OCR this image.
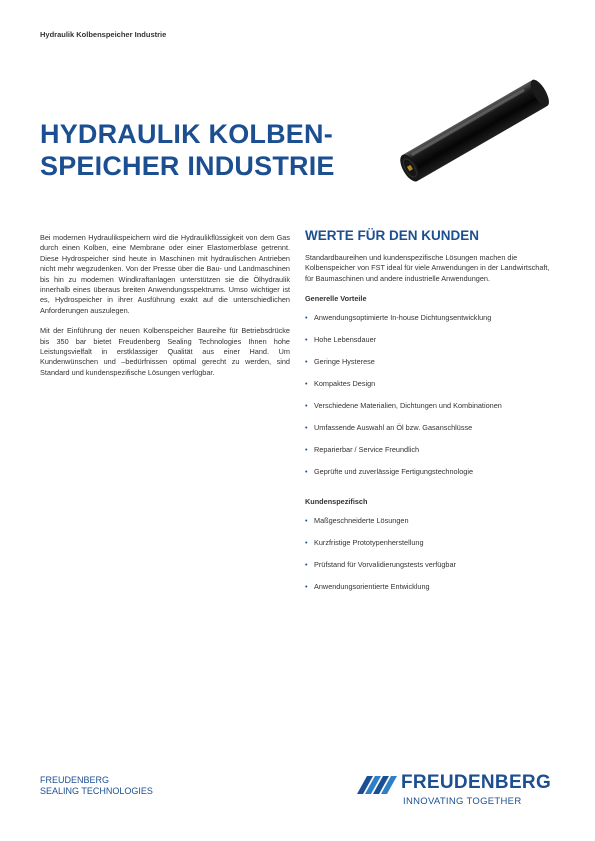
Hydraulik Kolbenspeicher Industrie
HYDRAULIK KOLBEN-
SPEICHER INDUSTRIE

Bei modernen Hydraulikspeichern wird die Hydraulikflüssigkeit von dem Gas durch einen Kolben, eine Membrane oder einer Elastomerblase getrennt. Diese Hydrospeicher sind heute in Maschinen mit hydraulischen Antrieben nicht mehr wegzudenken. Von der Presse über die Bau- und Landmaschinen bis hin zu modernen Windkraftanlagen unterstützen sie die Ölhydraulik innerhalb eines überaus breiten Anwendungsspektrums. Umso wichtiger ist es, Hydrospeicher in ihrer Ausführung exakt auf die unterschiedlichen Anforderungen auszulegen.

Mit der Einführung der neuen Kolbenspeicher Baureihe für Betriebsdrücke bis 350 bar bietet Freudenberg Sealing Technologies Ihnen hohe Leistungsvielfalt in erstklassiger Qualität aus einer Hand. Um Kundenwünschen und –bedürfnissen optimal gerecht zu werden, sind Standard und kundenspezifische Lösungen verfügbar.

WERTE FÜR DEN KUNDEN
Standardbaureihen und kundenspezifische Lösungen machen die Kolbenspeicher von FST ideal für viele Anwendungen in der Landwirtschaft, für Baumaschinen und andere industrielle Anwendungen.
Generelle Vorteile
• Anwendungsoptimierte In-house Dichtungsentwicklung
• Hohe Lebensdauer
• Geringe Hysterese
• Kompaktes Design
• Verschiedene Materialien, Dichtungen und Kombinationen
• Umfassende Auswahl an Öl bzw. Gasanschlüsse
• Reparierbar / Service Freundlich
• Geprüfte und zuverlässige Fertigungstechnologie
Kundenspezifisch
• Maßgeschneiderte Lösungen
• Kurzfristige Prototypenherstellung
• Prüfstand für Vorvalidierungstests verfügbar
• Anwendungsorientierte Entwicklung
FREUDENBERG
SEALING TECHNOLOGIES	FREUDENBERG
INNOVATING TOGETHER
